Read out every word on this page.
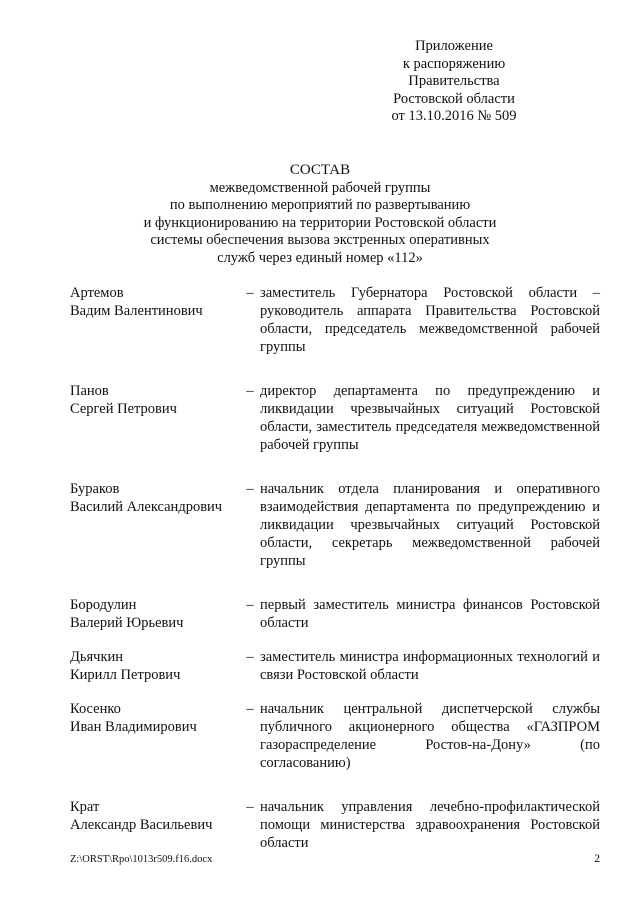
Приложение
к распоряжению
Правительства
Ростовской области
от 13.10.2016 № 509
СОСТАВ
межведомственной рабочей группы
по выполнению мероприятий по развертыванию
и функционированию на территории Ростовской области
системы обеспечения вызова экстренных оперативных
служб через единый номер «112»
Артемов
Вадим Валентинович
– заместитель Губернатора Ростовской области – руководитель аппарата Правительства Ростовской области, председатель межведомственной рабочей группы
Панов
Сергей Петрович
– директор департамента по предупреждению и ликвидации чрезвычайных ситуаций Ростовской области, заместитель председателя межведомственной рабочей группы
Бураков
Василий Александрович
– начальник отдела планирования и оперативного взаимодействия департамента по предупреждению и ликвидации чрезвычайных ситуаций Ростовской области, секретарь межведомственной рабочей группы
Бородулин
Валерий Юрьевич
– первый заместитель министра финансов Ростовской области
Дьячкин
Кирилл Петрович
– заместитель министра информационных технологий и связи Ростовской области
Косенко
Иван Владимирович
– начальник центральной диспетчерской службы публичного акционерного общества «ГАЗПРОМ газораспределение Ростов-на-Дону» (по согласованию)
Крат
Александр Васильевич
– начальник управления лечебно-профилактической помощи министерства здравоохранения Ростовской области
Z:\ORST\Rpo\1013r509.f16.docx	2
